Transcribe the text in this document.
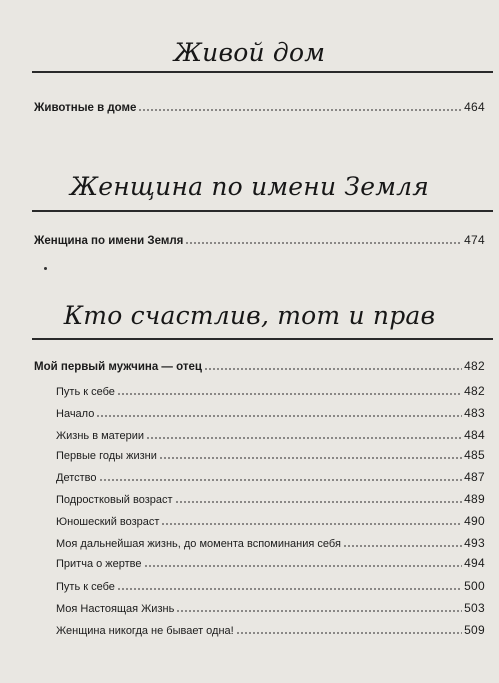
Живой дом
Животные в доме	464
Женщина по имени Земля
Женщина по имени Земля	474
Кто счастлив, тот и прав
Мой первый мужчина — отец	482
Путь к себе	482
Начало	483
Жизнь в материи	484
Первые годы жизни	485
Детство	487
Подростковый возраст	489
Юношеский возраст	490
Моя дальнейшая жизнь, до момента вспоминания себя	493
Притча о жертве	494
Путь к себе	500
Моя Настоящая Жизнь	503
Женщина никогда не бывает одна!	509
